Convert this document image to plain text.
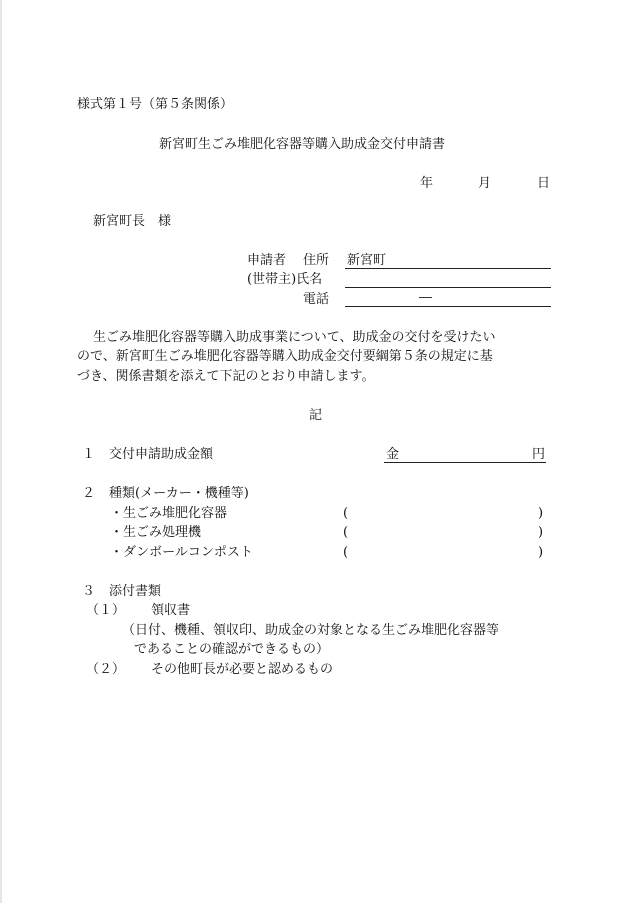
様式第１号（第５条関係）
新宮町生ごみ堆肥化容器等購入助成金交付申請書
年	月	日
新宮町長　様
申請者 住所 新宮町
(世帯主)氏名
電話	―
生ごみ堆肥化容器等購入助成事業について、助成金の交付を受けたい
ので、新宮町生ごみ堆肥化容器等購入助成金交付要綱第５条の規定に基
づき、関係書類を添えて下記のとおり申請します。
記
１ 交付申請助成金額	金	円
２ 種類(メーカー・機種等)
・生ごみ堆肥化容器	(	)
・生ごみ処理機	(	)
・ダンボールコンポスト	(	)
３ 添付書類
（１） 領収書
（日付、機種、領収印、助成金の対象となる生ごみ堆肥化容器等
であることの確認ができるもの）
（２） その他町長が必要と認めるもの
